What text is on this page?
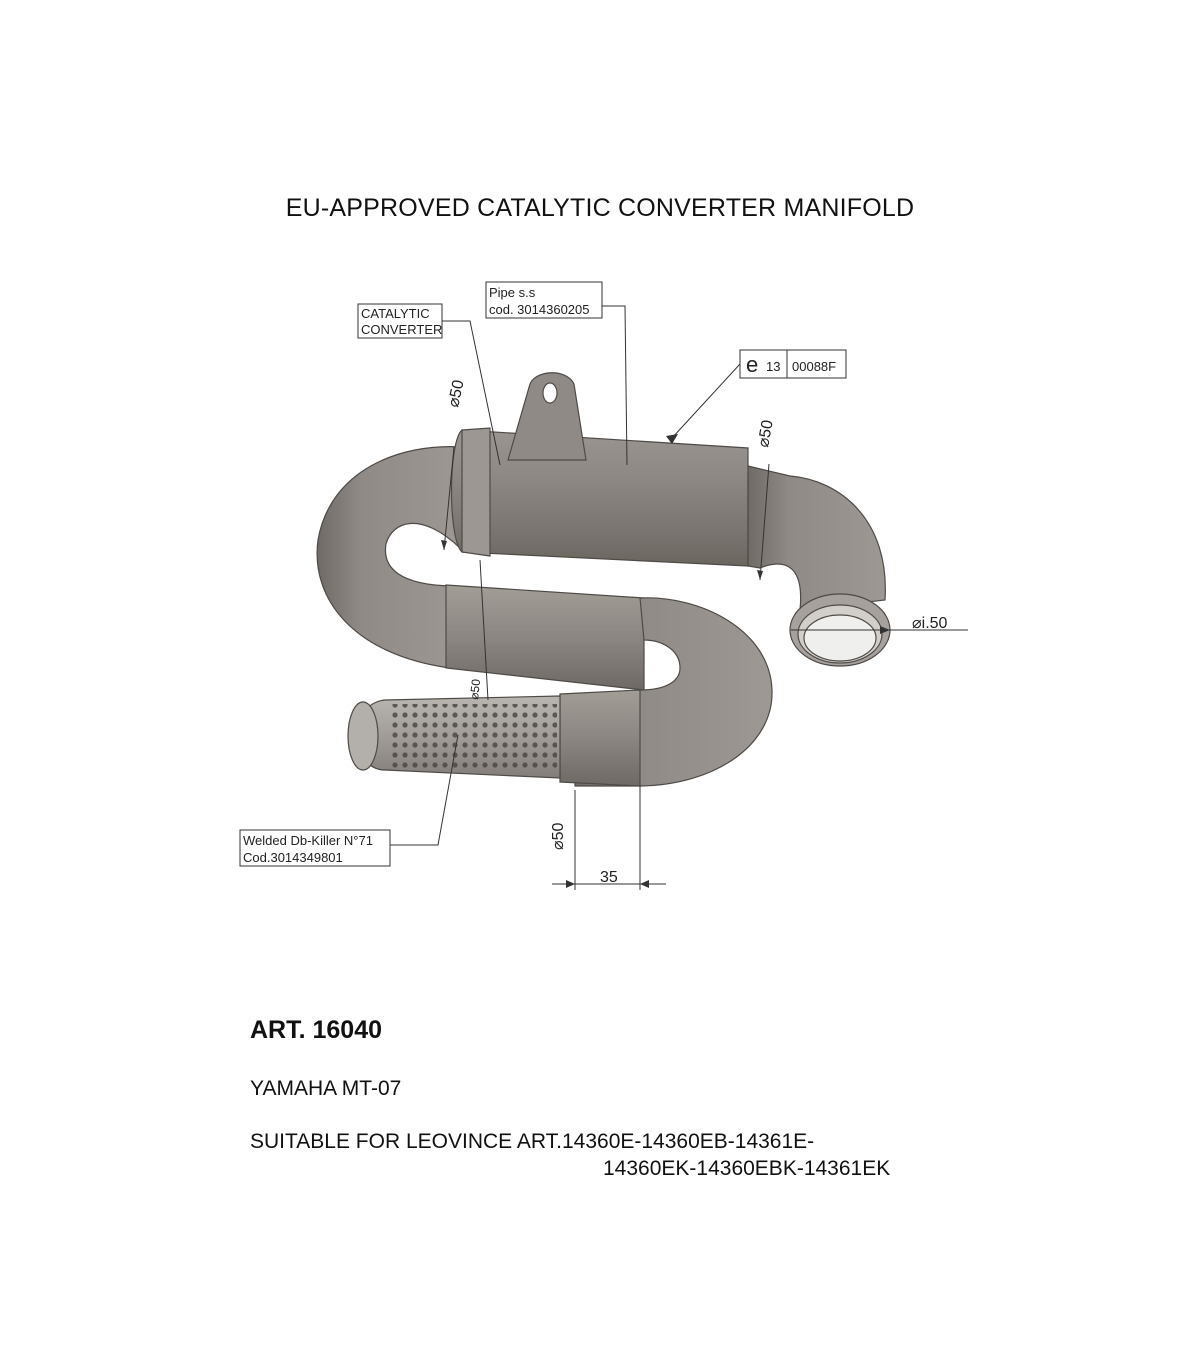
EU-APPROVED CATALYTIC CONVERTER MANIFOLD
CATALYTIC
CONVERTER
Pipe s.s
cod. 3014360205
e 13 00088F
Welded Db-Killer N°71
Cod.3014349801
⌀50
⌀50
⌀i.50
⌀50
⌀50
35
ART. 16040
YAMAHA MT-07
SUITABLE FOR LEOVINCE ART.14360E-14360EB-14361E-
14360EK-14360EBK-14361EK
